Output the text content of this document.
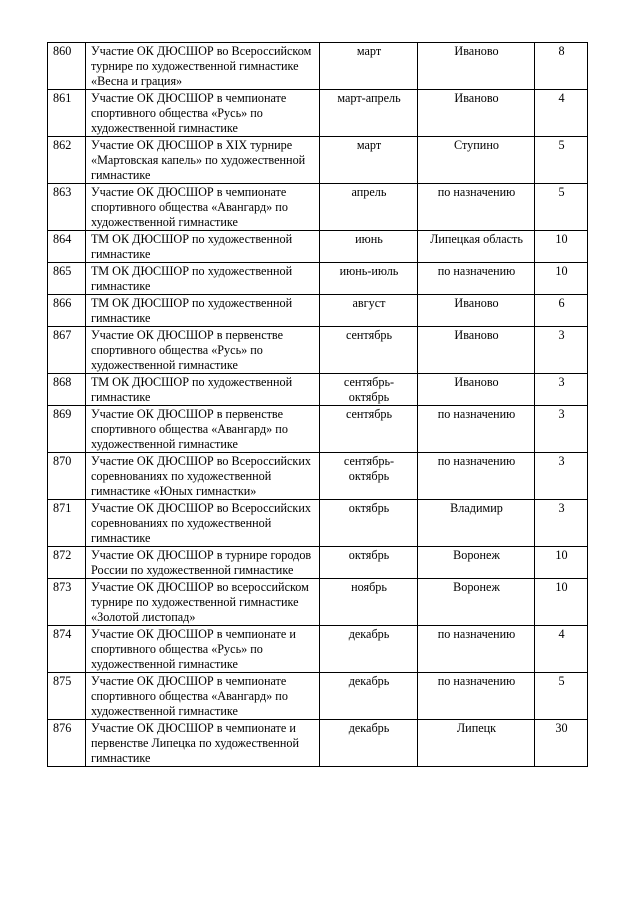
860	Участие ОК ДЮСШОР во Всероссийском турнире по художественной гимнастике «Весна и грация»	март	Иваново	8
861	Участие ОК ДЮСШОР в чемпионате спортивного общества «Русь» по художественной гимнастике	март-апрель	Иваново	4
862	Участие ОК ДЮСШОР в XIX турнире «Мартовская капель» по художественной гимнастике	март	Ступино	5
863	Участие ОК ДЮСШОР в чемпионате спортивного общества «Авангард» по художественной гимнастике	апрель	по назначению	5
864	ТМ ОК ДЮСШОР по художественной гимнастике	июнь	Липецкая область	10
865	ТМ ОК ДЮСШОР по художественной гимнастике	июнь-июль	по назначению	10
866	ТМ ОК ДЮСШОР по художественной гимнастике	август	Иваново	6
867	Участие ОК ДЮСШОР в первенстве спортивного общества «Русь» по художественной гимнастике	сентябрь	Иваново	3
868	ТМ ОК ДЮСШОР по художественной гимнастике	сентябрь-октябрь	Иваново	3
869	Участие ОК ДЮСШОР в первенстве спортивного общества «Авангард» по художественной гимнастике	сентябрь	по назначению	3
870	Участие ОК ДЮСШОР во Всероссийских соревнованиях по художественной гимнастике «Юных гимнастки»	сентябрь-октябрь	по назначению	3
871	Участие ОК ДЮСШОР во Всероссийских соревнованиях по художественной гимнастике	октябрь	Владимир	3
872	Участие ОК ДЮСШОР в турнире городов России по художественной гимнастике	октябрь	Воронеж	10
873	Участие ОК ДЮСШОР во всероссийском турнире по художественной гимнастике «Золотой листопад»	ноябрь	Воронеж	10
874	Участие ОК ДЮСШОР в чемпионате и спортивного общества «Русь» по художественной гимнастике	декабрь	по назначению	4
875	Участие ОК ДЮСШОР в чемпионате спортивного общества «Авангард» по художественной гимнастике	декабрь	по назначению	5
876	Участие ОК ДЮСШОР в чемпионате и первенстве Липецка по художественной гимнастике	декабрь	Липецк	30
